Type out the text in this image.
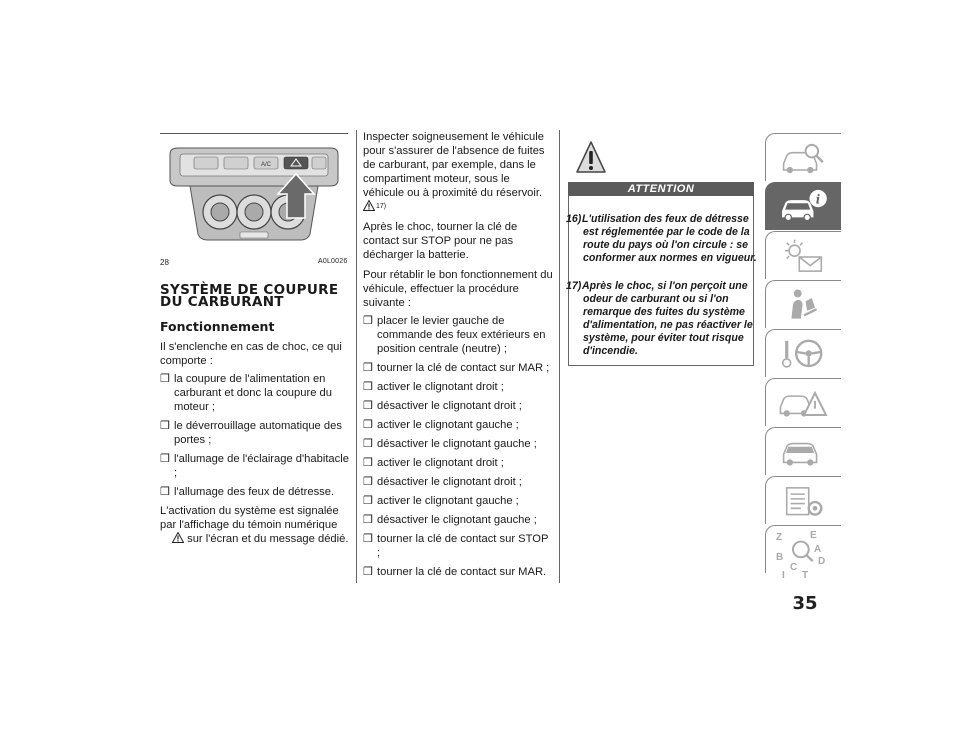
A/C
28	A0L0026
SYSTÈME DE COUPURE
DU CARBURANT
Fonctionnement

Il s'enclenche en cas de choc, ce qui comporte :

❒ la coupure de l'alimentation en carburant et donc la coupure du moteur ;
❒ le déverrouillage automatique des portes ;
❒ l'allumage de l'éclairage d'habitacle ;
❒ l'allumage des feux de détresse.

L'activation du système est signalée par l'affichage du témoin numérique
sur l'écran et du message dédié.

Inspecter soigneusement le véhicule pour s'assurer de l'absence de fuites de carburant, par exemple, dans le compartiment moteur, sous le véhicule ou à proximité du réservoir. $^{17)}$

Après le choc, tourner la clé de contact sur STOP pour ne pas décharger la batterie.

Pour rétablir le bon fonctionnement du véhicule, effectuer la procédure suivante :

❒ placer le levier gauche de commande des feux extérieurs en position centrale (neutre) ;
❒ tourner la clé de contact sur MAR ;
❒ activer le clignotant droit ;
❒ désactiver le clignotant droit ;
❒ activer le clignotant gauche ;
❒ désactiver le clignotant gauche ;
❒ activer le clignotant droit ;
❒ désactiver le clignotant droit ;
❒ activer le clignotant gauche ;
❒ désactiver le clignotant gauche ;
❒ tourner la clé de contact sur STOP ;
❒ tourner la clé de contact sur MAR.
ATTENTION
16) L'utilisation des feux de détresse est réglementée par le code de la route du pays où l'on circule : se conformer aux normes en vigueur.
17) Après le choc, si l'on perçoit une odeur de carburant ou si l'on remarque des fuites du système d'alimentation, ne pas réactiver le système, pour éviter tout risque d'incendie.
i
35
Z	E
A
B	D
C
T
I
